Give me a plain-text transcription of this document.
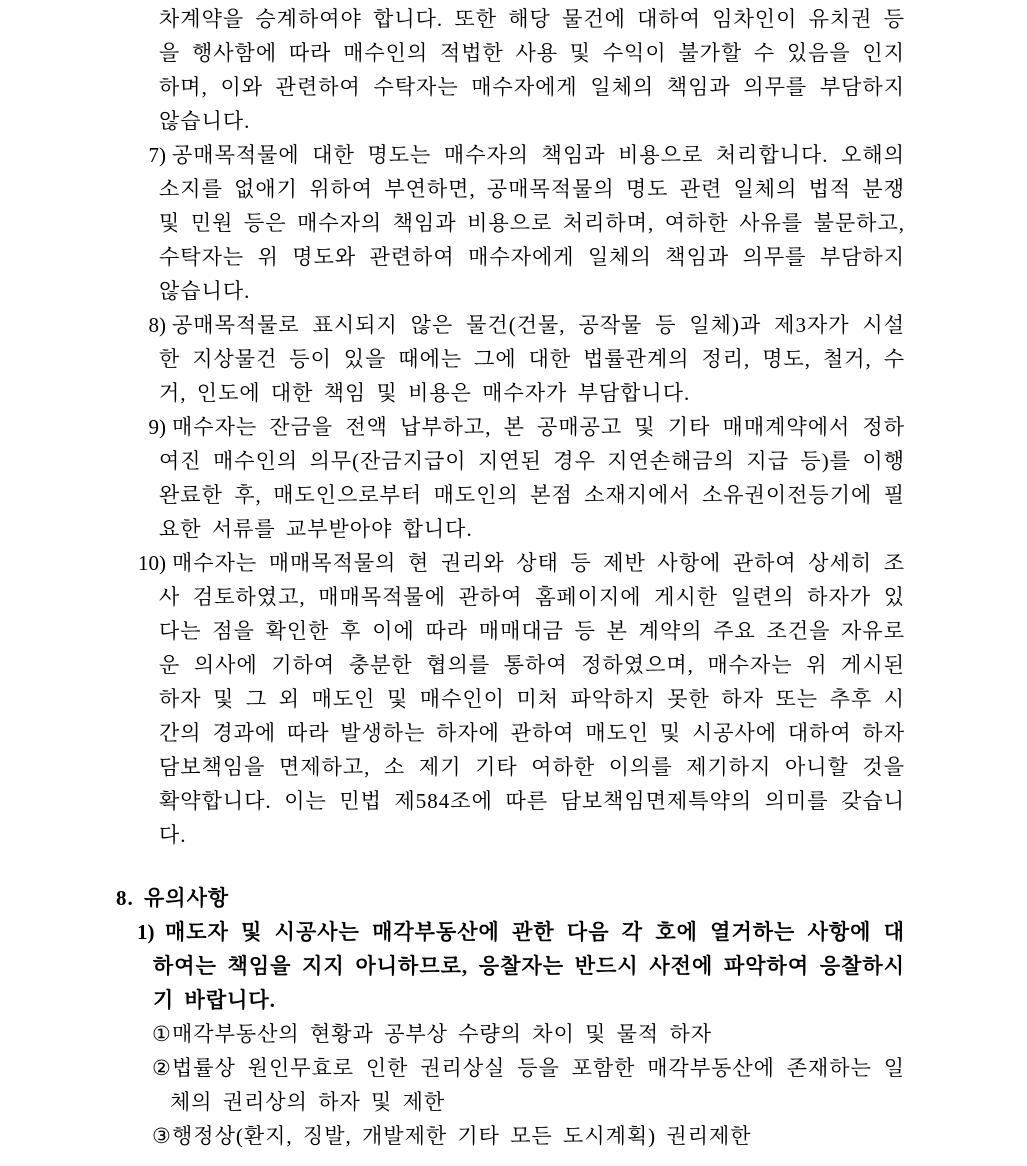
차계약을 승계하여야 합니다. 또한 해당 물건에 대하여 임차인이 유치권 등을 행사함에 따라 매수인의 적법한 사용 및 수익이 불가할 수 있음을 인지하며, 이와 관련하여 수탁자는 매수자에게 일체의 책임과 의무를 부담하지 않습니다.

7) 공매목적물에 대한 명도는 매수자의 책임과 비용으로 처리합니다. 오해의 소지를 없애기 위하여 부연하면, 공매목적물의 명도 관련 일체의 법적 분쟁 및 민원 등은 매수자의 책임과 비용으로 처리하며, 여하한 사유를 불문하고, 수탁자는 위 명도와 관련하여 매수자에게 일체의 책임과 의무를 부담하지 않습니다.
8) 공매목적물로 표시되지 않은 물건(건물, 공작물 등 일체)과 제3자가 시설한 지상물건 등이 있을 때에는 그에 대한 법률관계의 정리, 명도, 철거, 수거, 인도에 대한 책임 및 비용은 매수자가 부담합니다.
9) 매수자는 잔금을 전액 납부하고, 본 공매공고 및 기타 매매계약에서 정하여진 매수인의 의무(잔금지급이 지연된 경우 지연손해금의 지급 등)를 이행완료한 후, 매도인으로부터 매도인의 본점 소재지에서 소유권이전등기에 필요한 서류를 교부받아야 합니다.
10) 매수자는 매매목적물의 현 권리와 상태 등 제반 사항에 관하여 상세히 조사 검토하였고, 매매목적물에 관하여 홈페이지에 게시한 일련의 하자가 있다는 점을 확인한 후 이에 따라 매매대금 등 본 계약의 주요 조건을 자유로운 의사에 기하여 충분한 협의를 통하여 정하였으며, 매수자는 위 게시된 하자 및 그 외 매도인 및 매수인이 미처 파악하지 못한 하자 또는 추후 시간의 경과에 따라 발생하는 하자에 관하여 매도인 및 시공사에 대하여 하자담보책임을 면제하고, 소 제기 기타 여하한 이의를 제기하지 아니할 것을 확약합니다. 이는 민법 제584조에 따른 담보책임면제특약의 의미를 갖습니다.
8. 유의사항
1) 매도자 및 시공사는 매각부동산에 관한 다음 각 호에 열거하는 사항에 대하여는 책임을 지지 아니하므로, 응찰자는 반드시 사전에 파악하여 응찰하시기 바랍니다.
① 매각부동산의 현황과 공부상 수량의 차이 및 물적 하자
② 법률상 원인무효로 인한 권리상실 등을 포함한 매각부동산에 존재하는 일체의 권리상의 하자 및 제한
③ 행정상(환지, 징발, 개발제한 기타 모든 도시계획) 권리제한
